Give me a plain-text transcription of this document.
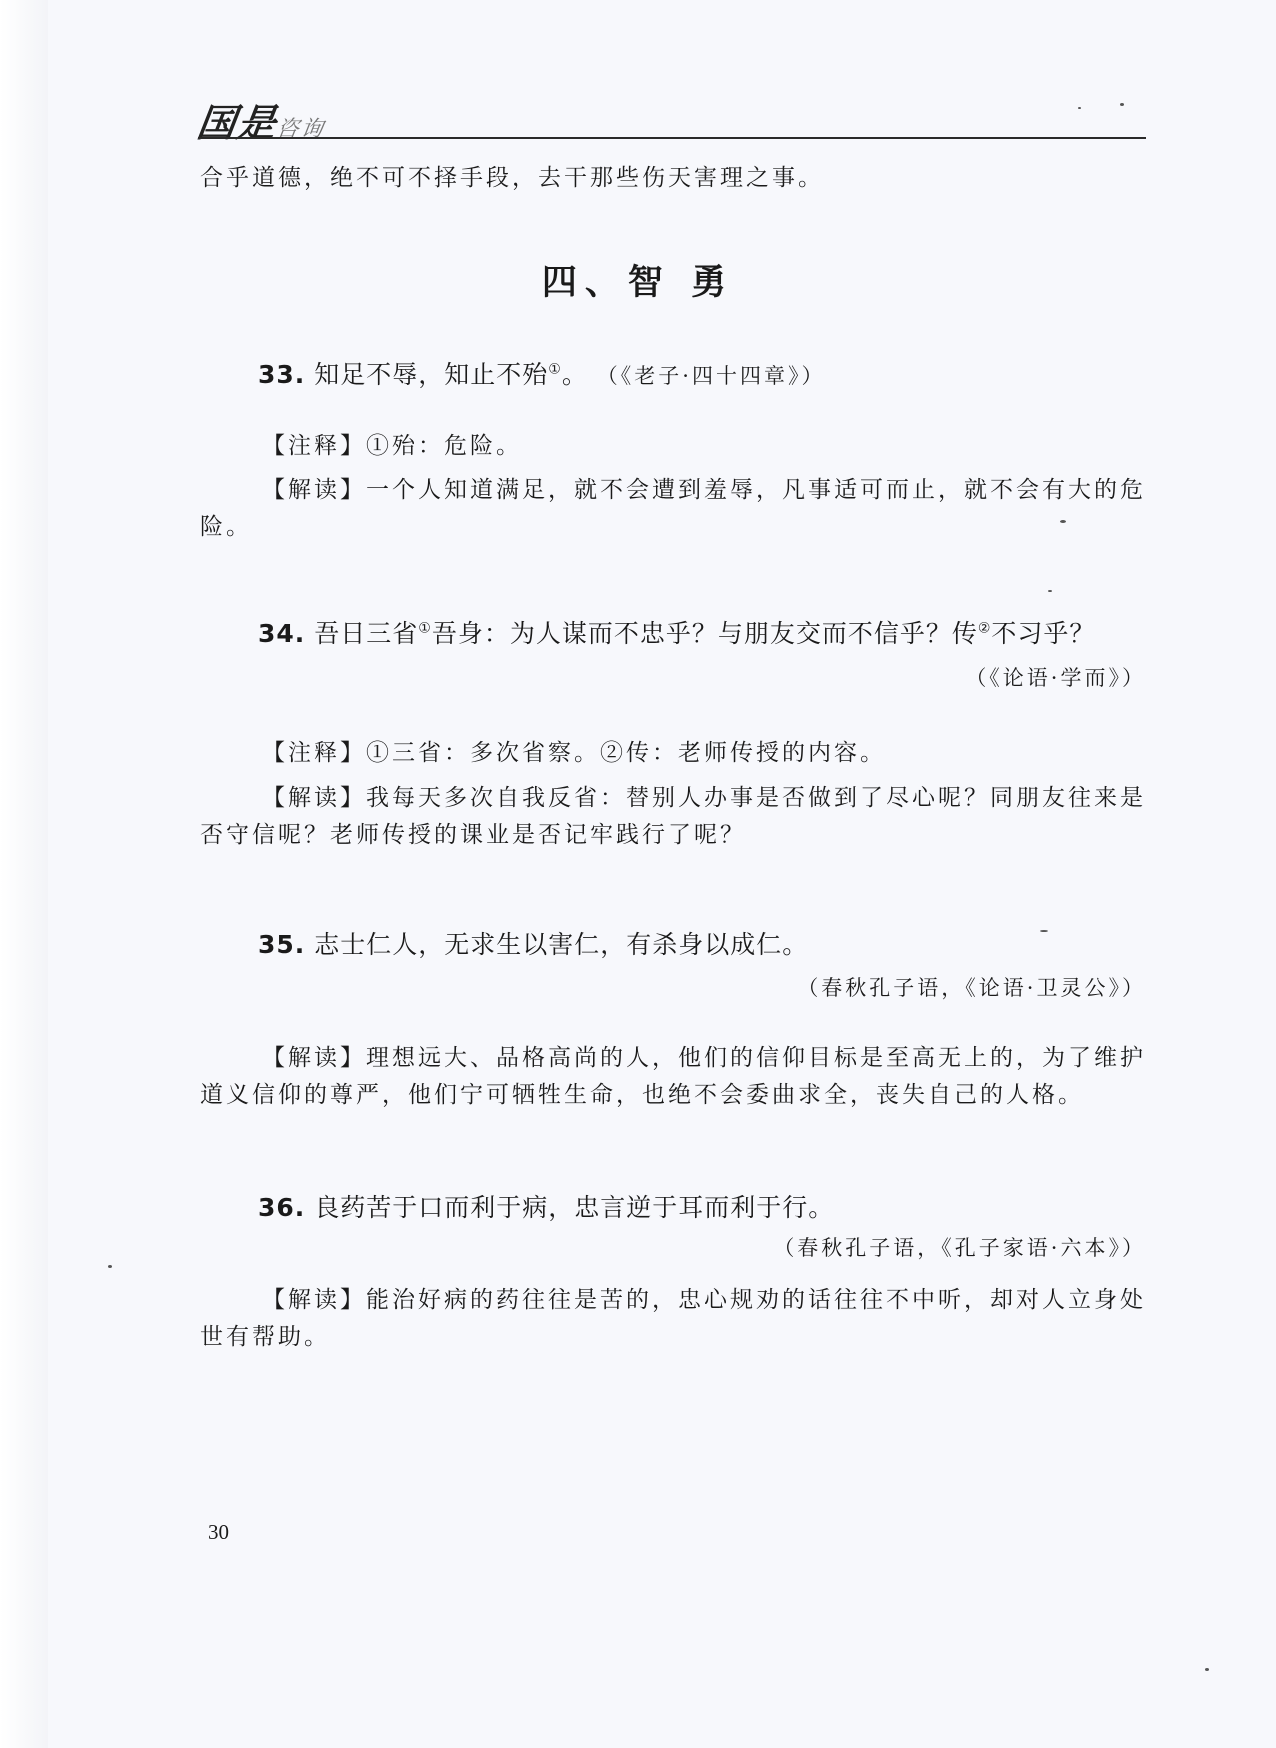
国是咨询

合乎道德，绝不可不择手段，去干那些伤天害理之事。

四、智 勇

33. 知足不辱，知止不殆①。 （《老子·四十四章》）

【注释】①殆：危险。

【解读】一个人知道满足，就不会遭到羞辱，凡事适可而止，就不会有大的危险。

34. 吾日三省①吾身：为人谋而不忠乎？与朋友交而不信乎？传②不习乎？

（《论语·学而》）

【注释】①三省：多次省察。②传：老师传授的内容。

【解读】我每天多次自我反省：替别人办事是否做到了尽心呢？同朋友往来是否守信呢？老师传授的课业是否记牢践行了呢？

35. 志士仁人，无求生以害仁，有杀身以成仁。

（春秋孔子语，《论语·卫灵公》）

【解读】理想远大、品格高尚的人，他们的信仰目标是至高无上的，为了维护道义信仰的尊严，他们宁可牺牲生命，也绝不会委曲求全，丧失自己的人格。

36. 良药苦于口而利于病，忠言逆于耳而利于行。

（春秋孔子语，《孔子家语·六本》）

【解读】能治好病的药往往是苦的，忠心规劝的话往往不中听，却对人立身处世有帮助。

30
